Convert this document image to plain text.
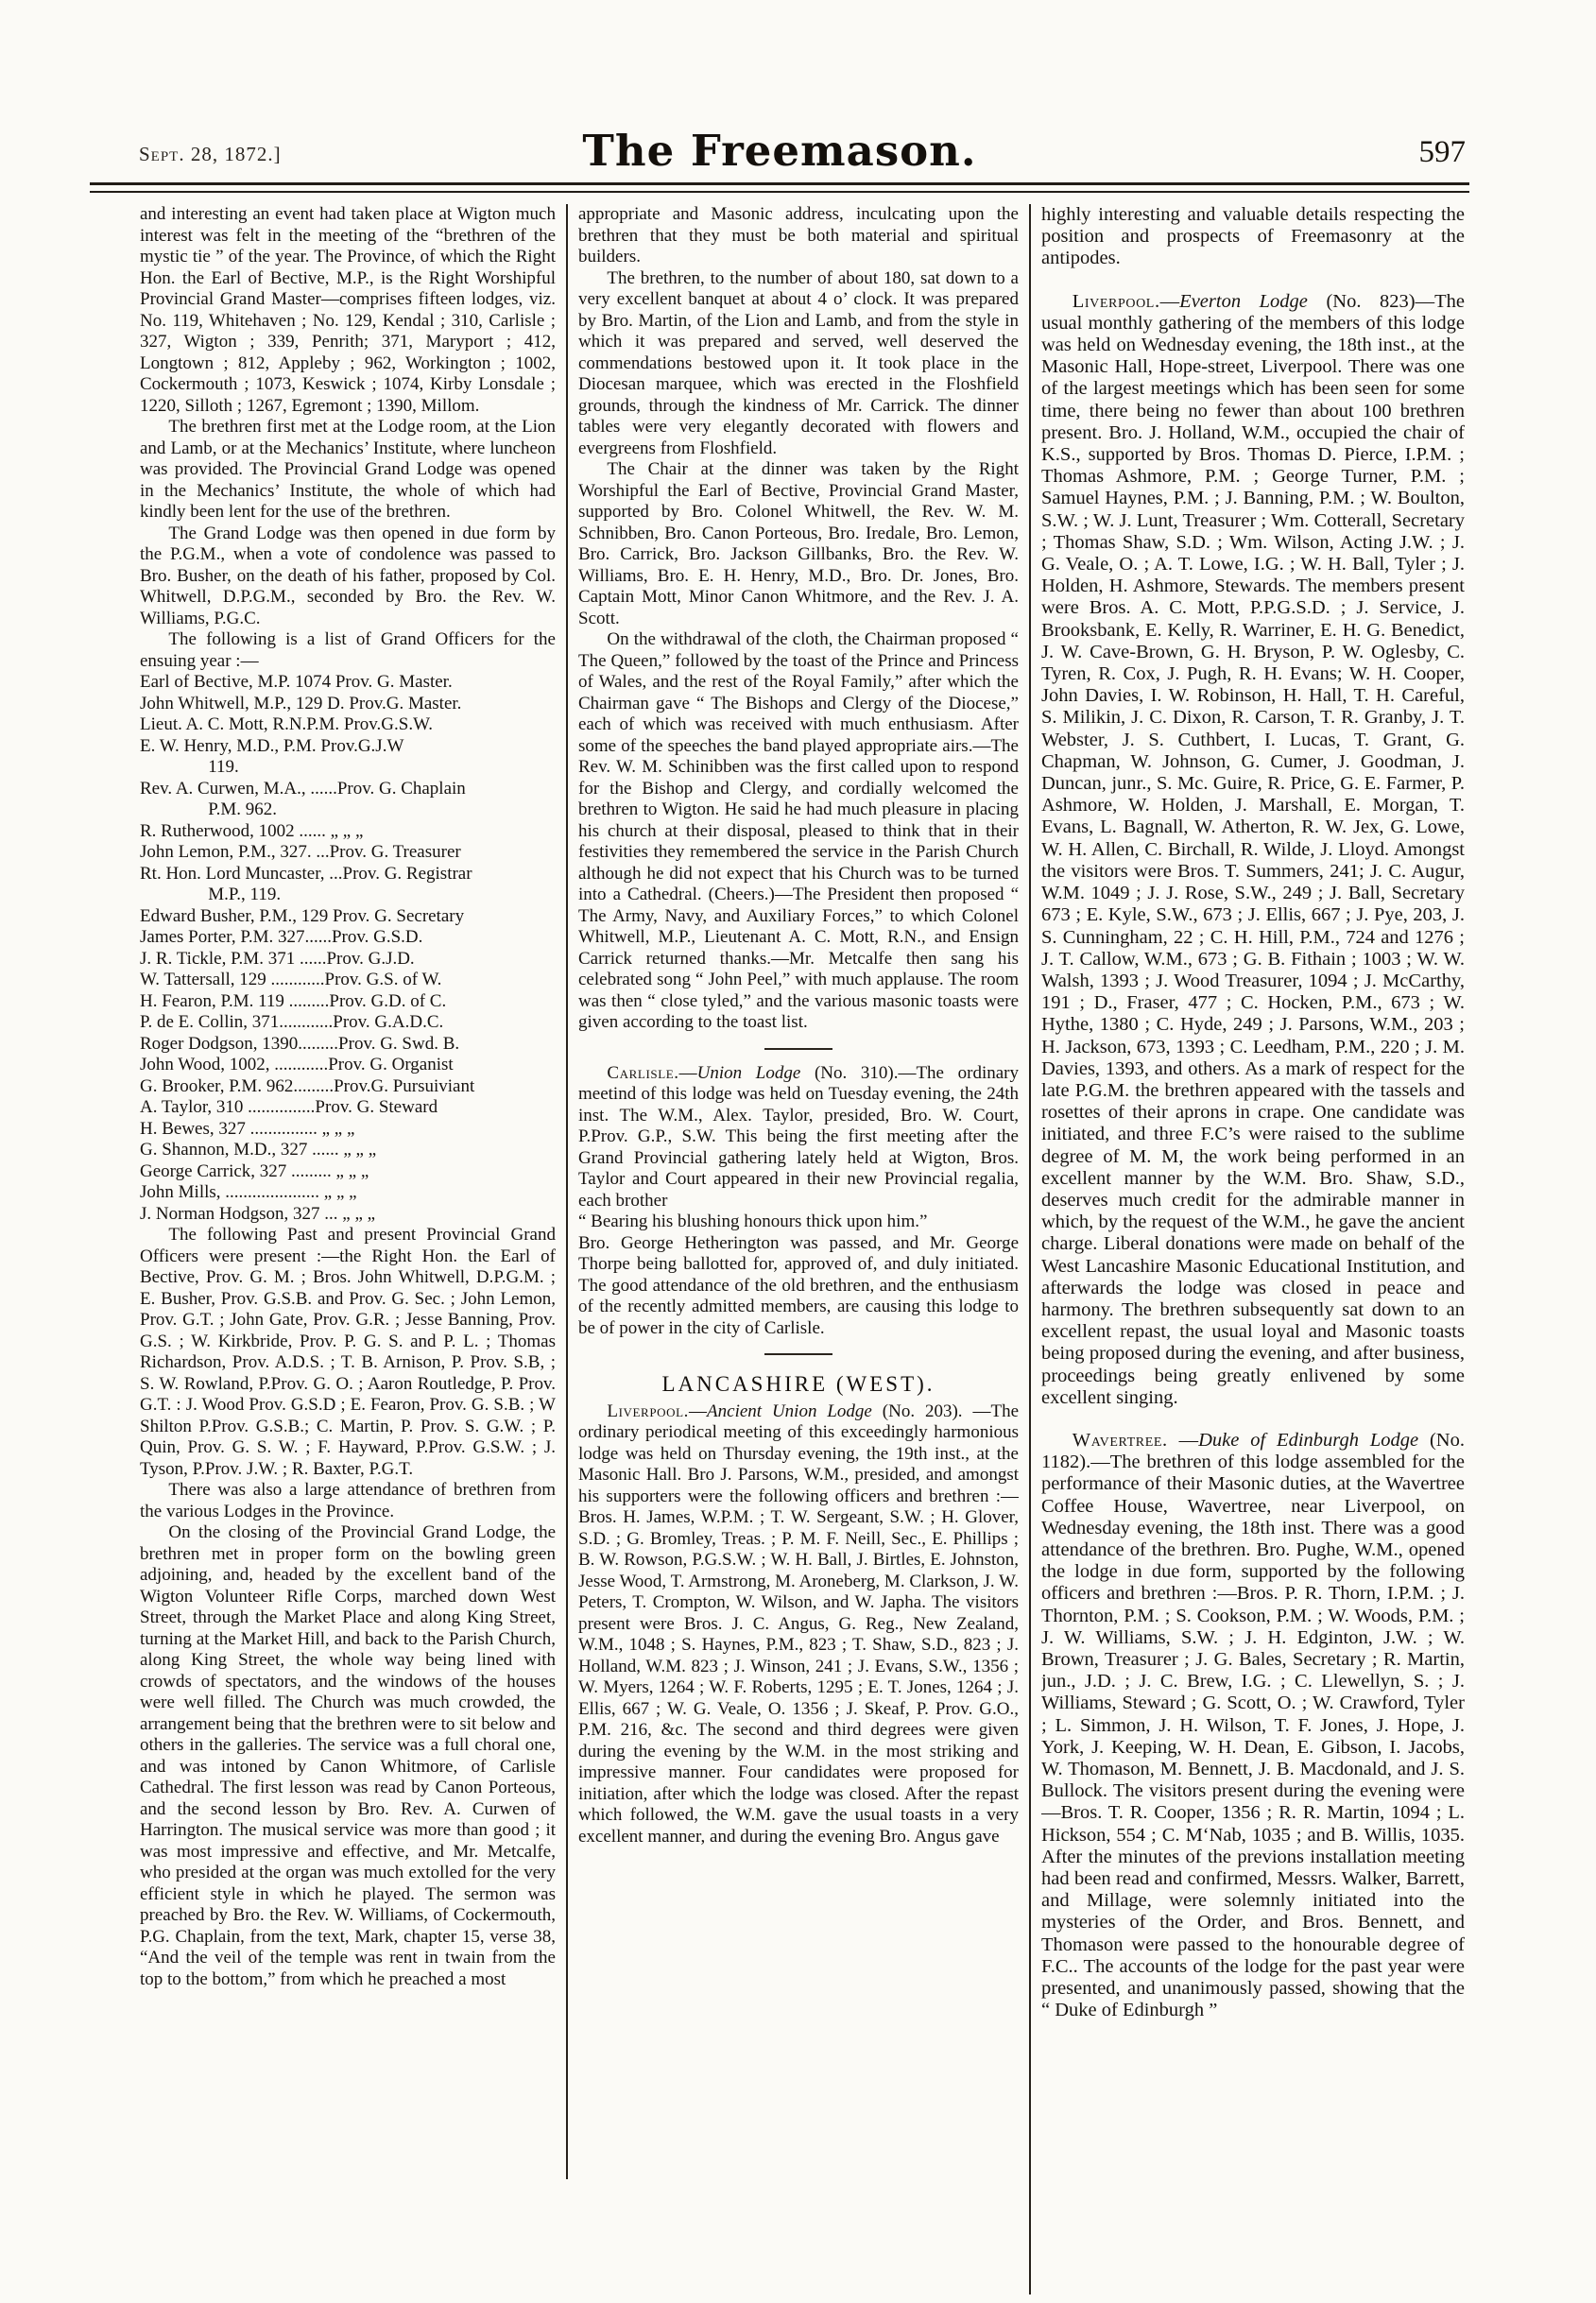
Sept. 28, 1872.]	The Freemason.	597

and interesting an event had taken place at Wigton much interest was felt in the meeting of the “brethren of the mystic tie ” of the year. The Province, of which the Right Hon. the Earl of Bective, M.P., is the Right Worshipful Provincial Grand Master—comprises fifteen lodges, viz. No. 119, Whitehaven ; No. 129, Kendal ; 310, Carlisle ; 327, Wigton ; 339, Penrith; 371, Maryport ; 412, Longtown ; 812, Appleby ; 962, Workington ; 1002, Cockermouth ; 1073, Keswick ; 1074, Kirby Lonsdale ; 1220, Silloth ; 1267, Egremont ; 1390, Millom.

The brethren first met at the Lodge room, at the Lion and Lamb, or at the Mechanics’ Institute, where luncheon was provided. The Provincial Grand Lodge was opened in the Mechanics’ Institute, the whole of which had kindly been lent for the use of the brethren.

The Grand Lodge was then opened in due form by the P.G.M., when a vote of condolence was passed to Bro. Busher, on the death of his father, proposed by Col. Whitwell, D.P.G.M., seconded by Bro. the Rev. W. Williams, P.G.C.

The following is a list of Grand Officers for the ensuing year :—

Earl of Bective, M.P. 1074 Prov. G. Master.

John Whitwell, M.P., 129 D. Prov.G. Master.

Lieut. A. C. Mott, R.N.P.M. Prov.G.S.W.

E. W. Henry, M.D., P.M. Prov.G.J.W

119.

Rev. A. Curwen, M.A., ......Prov. G. Chaplain

P.M. 962.

R. Rutherwood, 1002 ...... „ „ „

John Lemon, P.M., 327. ...Prov. G. Treasurer

Rt. Hon. Lord Muncaster, ...Prov. G. Registrar

M.P., 119.

Edward Busher, P.M., 129 Prov. G. Secretary

James Porter, P.M. 327......Prov. G.S.D.

J. R. Tickle, P.M. 371 ......Prov. G.J.D.

W. Tattersall, 129 ............Prov. G.S. of W.

H. Fearon, P.M. 119 .........Prov. G.D. of C.

P. de E. Collin, 371............Prov. G.A.D.C.

Roger Dodgson, 1390.........Prov. G. Swd. B.

John Wood, 1002, ............Prov. G. Organist

G. Brooker, P.M. 962.........Prov.G. Pursuiviant

A. Taylor, 310 ...............Prov. G. Steward

H. Bewes, 327 ............... „ „ „

G. Shannon, M.D., 327 ...... „ „ „

George Carrick, 327 ......... „ „ „

John Mills, ..................... „ „ „

J. Norman Hodgson, 327 ... „ „ „

The following Past and present Provincial Grand Officers were present :—the Right Hon. the Earl of Bective, Prov. G. M. ; Bros. John Whitwell, D.P.G.M. ; E. Busher, Prov. G.S.B. and Prov. G. Sec. ; John Lemon, Prov. G.T. ; John Gate, Prov. G.R. ; Jesse Banning, Prov. G.S. ; W. Kirkbride, Prov. P. G. S. and P. L. ; Thomas Richardson, Prov. A.D.S. ; T. B. Arnison, P. Prov. S.B, ; S. W. Rowland, P.Prov. G. O. ; Aaron Routledge, P. Prov. G.T. : J. Wood Prov. G.S.D ; E. Fearon, Prov. G. S.B. ; W Shilton P.Prov. G.S.B.; C. Martin, P. Prov. S. G.W. ; P. Quin, Prov. G. S. W. ; F. Hayward, P.Prov. G.S.W. ; J. Tyson, P.Prov. J.W. ; R. Baxter, P.G.T.

There was also a large attendance of brethren from the various Lodges in the Province.

On the closing of the Provincial Grand Lodge, the brethren met in proper form on the bowling green adjoining, and, headed by the excellent band of the Wigton Volunteer Rifle Corps, marched down West Street, through the Market Place and along King Street, turning at the Market Hill, and back to the Parish Church, along King Street, the whole way being lined with crowds of spectators, and the windows of the houses were well filled. The Church was much crowded, the arrangement being that the brethren were to sit below and others in the galleries. The service was a full choral one, and was intoned by Canon Whitmore, of Carlisle Cathedral. The first lesson was read by Canon Porteous, and the second lesson by Bro. Rev. A. Curwen of Harrington. The musical service was more than good ; it was most impressive and effective, and Mr. Metcalfe, who presided at the organ was much extolled for the very efficient style in which he played. The sermon was preached by Bro. the Rev. W. Williams, of Cockermouth, P.G. Chaplain, from the text, Mark, chapter 15, verse 38, “And the veil of the temple was rent in twain from the top to the bottom,” from which he preached a most

appropriate and Masonic address, inculcating upon the brethren that they must be both material and spiritual builders.

The brethren, to the number of about 180, sat down to a very excellent banquet at about 4 o’ clock. It was prepared by Bro. Martin, of the Lion and Lamb, and from the style in which it was prepared and served, well deserved the commendations bestowed upon it. It took place in the Diocesan marquee, which was erected in the Floshfield grounds, through the kindness of Mr. Carrick. The dinner tables were very elegantly decorated with flowers and evergreens from Floshfield.

The Chair at the dinner was taken by the Right Worshipful the Earl of Bective, Provincial Grand Master, supported by Bro. Colonel Whitwell, the Rev. W. M. Schnibben, Bro. Canon Porteous, Bro. Iredale, Bro. Lemon, Bro. Carrick, Bro. Jackson Gillbanks, Bro. the Rev. W. Williams, Bro. E. H. Henry, M.D., Bro. Dr. Jones, Bro. Captain Mott, Minor Canon Whitmore, and the Rev. J. A. Scott.

On the withdrawal of the cloth, the Chairman proposed “ The Queen,” followed by the toast of the Prince and Princess of Wales, and the rest of the Royal Family,” after which the Chairman gave “ The Bishops and Clergy of the Diocese,” each of which was received with much enthusiasm. After some of the speeches the band played appropriate airs.—The Rev. W. M. Schinibben was the first called upon to respond for the Bishop and Clergy, and cordially welcomed the brethren to Wigton. He said he had much pleasure in placing his church at their disposal, pleased to think that in their festivities they remembered the service in the Parish Church although he did not expect that his Church was to be turned into a Cathedral. (Cheers.)—The President then proposed “ The Army, Navy, and Auxiliary Forces,” to which Colonel Whitwell, M.P., Lieutenant A. C. Mott, R.N., and Ensign Carrick returned thanks.—Mr. Metcalfe then sang his celebrated song “ John Peel,” with much applause. The room was then “ close tyled,” and the various masonic toasts were given according to the toast list.

Carlisle.—Union Lodge (No. 310).—The ordinary meetind of this lodge was held on Tuesday evening, the 24th inst. The W.M., Alex. Taylor, presided, Bro. W. Court, P.Prov. G.P., S.W. This being the first meeting after the Grand Provincial gathering lately held at Wigton, Bros. Taylor and Court appeared in their new Provincial regalia, each brother

“ Bearing his blushing honours thick upon him.”

Bro. George Hetherington was passed, and Mr. George Thorpe being ballotted for, approved of, and duly initiated. The good attendance of the old brethren, and the enthusiasm of the recently admitted members, are causing this lodge to be of power in the city of Carlisle.

LANCASHIRE (WEST).

Liverpool.—Ancient Union Lodge (No. 203). —The ordinary periodical meeting of this exceedingly harmonious lodge was held on Thursday evening, the 19th inst., at the Masonic Hall. Bro J. Parsons, W.M., presided, and amongst his supporters were the following officers and brethren :—Bros. H. James, W.P.M. ; T. W. Sergeant, S.W. ; H. Glover, S.D. ; G. Bromley, Treas. ; P. M. F. Neill, Sec., E. Phillips ; B. W. Rowson, P.G.S.W. ; W. H. Ball, J. Birtles, E. Johnston, Jesse Wood, T. Armstrong, M. Aroneberg, M. Clarkson, J. W. Peters, T. Crompton, W. Wilson, and W. Japha. The visitors present were Bros. J. C. Angus, G. Reg., New Zealand, W.M., 1048 ; S. Haynes, P.M., 823 ; T. Shaw, S.D., 823 ; J. Holland, W.M. 823 ; J. Winson, 241 ; J. Evans, S.W., 1356 ; W. Myers, 1264 ; W. F. Roberts, 1295 ; E. T. Jones, 1264 ; J. Ellis, 667 ; W. G. Veale, O. 1356 ; J. Skeaf, P. Prov. G.O., P.M. 216, &c. The second and third degrees were given during the evening by the W.M. in the most striking and impressive manner. Four candidates were proposed for initiation, after which the lodge was closed. After the repast which followed, the W.M. gave the usual toasts in a very excellent manner, and during the evening Bro. Angus gave

highly interesting and valuable details respecting the position and prospects of Freemasonry at the antipodes.

Liverpool.—Everton Lodge (No. 823)—The usual monthly gathering of the members of this lodge was held on Wednesday evening, the 18th inst., at the Masonic Hall, Hope-street, Liverpool. There was one of the largest meetings which has been seen for some time, there being no fewer than about 100 brethren present. Bro. J. Holland, W.M., occupied the chair of K.S., supported by Bros. Thomas D. Pierce, I.P.M. ; Thomas Ashmore, P.M. ; George Turner, P.M. ; Samuel Haynes, P.M. ; J. Banning, P.M. ; W. Boulton, S.W. ; W. J. Lunt, Treasurer ; Wm. Cotterall, Secretary ; Thomas Shaw, S.D. ; Wm. Wilson, Acting J.W. ; J. G. Veale, O. ; A. T. Lowe, I.G. ; W. H. Ball, Tyler ; J. Holden, H. Ashmore, Stewards. The members present were Bros. A. C. Mott, P.P.G.S.D. ; J. Service, J. Brooksbank, E. Kelly, R. Warriner, E. H. G. Benedict, J. W. Cave-Brown, G. H. Bryson, P. W. Oglesby, C. Tyren, R. Cox, J. Pugh, R. H. Evans; W. H. Cooper, John Davies, I. W. Robinson, H. Hall, T. H. Careful, S. Milikin, J. C. Dixon, R. Carson, T. R. Granby, J. T. Webster, J. S. Cuthbert, I. Lucas, T. Grant, G. Chapman, W. Johnson, G. Cumer, J. Goodman, J. Duncan, junr., S. Mc. Guire, R. Price, G. E. Farmer, P. Ashmore, W. Holden, J. Marshall, E. Morgan, T. Evans, L. Bagnall, W. Atherton, R. W. Jex, G. Lowe, W. H. Allen, C. Birchall, R. Wilde, J. Lloyd. Amongst the visitors were Bros. T. Summers, 241; J. C. Augur, W.M. 1049 ; J. J. Rose, S.W., 249 ; J. Ball, Secretary 673 ; E. Kyle, S.W., 673 ; J. Ellis, 667 ; J. Pye, 203, J. S. Cunningham, 22 ; C. H. Hill, P.M., 724 and 1276 ; J. T. Callow, W.M., 673 ; G. B. Fithain ; 1003 ; W. W. Walsh, 1393 ; J. Wood Treasurer, 1094 ; J. McCarthy, 191 ; D., Fraser, 477 ; C. Hocken, P.M., 673 ; W. Hythe, 1380 ; C. Hyde, 249 ; J. Parsons, W.M., 203 ; H. Jackson, 673, 1393 ; C. Leedham, P.M., 220 ; J. M. Davies, 1393, and others. As a mark of respect for the late P.G.M. the brethren appeared with the tassels and rosettes of their aprons in crape. One candidate was initiated, and three F.C’s were raised to the sublime degree of M. M, the work being performed in an excellent manner by the W.M. Bro. Shaw, S.D., deserves much credit for the admirable manner in which, by the request of the W.M., he gave the ancient charge. Liberal donations were made on behalf of the West Lancashire Masonic Educational Institution, and afterwards the lodge was closed in peace and harmony. The brethren subsequently sat down to an excellent repast, the usual loyal and Masonic toasts being proposed during the evening, and after business, proceedings being greatly enlivened by some excellent singing.

Wavertree. —Duke of Edinburgh Lodge (No. 1182).—The brethren of this lodge assembled for the performance of their Masonic duties, at the Wavertree Coffee House, Wavertree, near Liverpool, on Wednesday evening, the 18th inst. There was a good attendance of the brethren. Bro. Pughe, W.M., opened the lodge in due form, supported by the following officers and brethren :—Bros. P. R. Thorn, I.P.M. ; J. Thornton, P.M. ; S. Cookson, P.M. ; W. Woods, P.M. ; J. W. Williams, S.W. ; J. H. Edginton, J.W. ; W. Brown, Treasurer ; J. G. Bales, Secretary ; R. Martin, jun., J.D. ; J. C. Brew, I.G. ; C. Llewellyn, S. ; J. Williams, Steward ; G. Scott, O. ; W. Crawford, Tyler ; L. Simmon, J. H. Wilson, T. F. Jones, J. Hope, J. York, J. Keeping, W. H. Dean, E. Gibson, I. Jacobs, W. Thomason, M. Bennett, J. B. Macdonald, and J. S. Bullock. The visitors present during the evening were—Bros. T. R. Cooper, 1356 ; R. R. Martin, 1094 ; L. Hickson, 554 ; C. M‘Nab, 1035 ; and B. Willis, 1035. After the minutes of the previons installation meeting had been read and confirmed, Messrs. Walker, Barrett, and Millage, were solemnly initiated into the mysteries of the Order, and Bros. Bennett, and Thomason were passed to the honourable degree of F.C.. The accounts of the lodge for the past year were presented, and unanimously passed, showing that the “ Duke of Edinburgh ”
